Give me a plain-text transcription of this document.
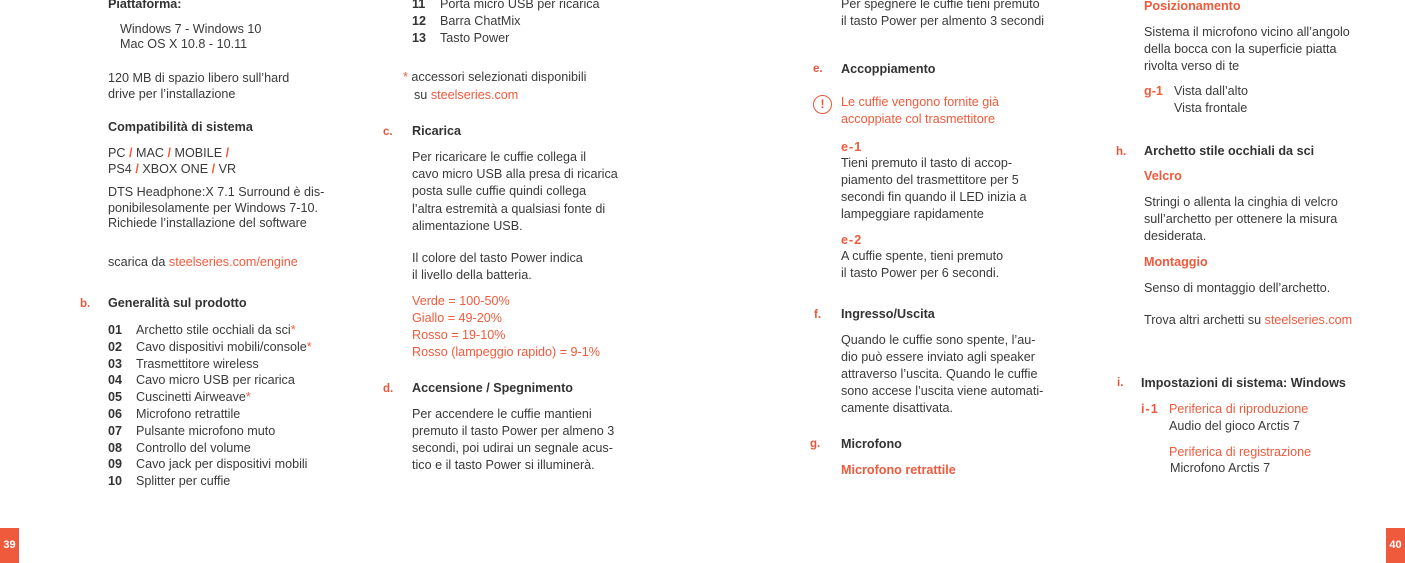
Piattaforma:
Windows 7 - Windows 10
Mac OS X 10.8 - 10.11
120 MB di spazio libero sull’hard
drive per l’installazione
Compatibilità di sistema
PC / MAC / MOBILE /
PS4 / XBOX ONE / VR
DTS Headphone:X 7.1 Surround è dis-
ponibilesolamente per Windows 7-10.
Richiede l’installazione del software
scarica da steelseries.com/engine
b. Generalità sul prodotto
01 Archetto stile occhiali da sci*
02 Cavo dispositivi mobili/console*
03 Trasmettitore wireless
04 Cavo micro USB per ricarica
05 Cuscinetti Airweave*
06 Microfono retrattile
07 Pulsante microfono muto
08 Controllo del volume
09 Cavo jack per dispositivi mobili
10 Splitter per cuffie
39
11 Porta micro USB per ricarica
12 Barra ChatMix
13 Tasto Power
* accessori selezionati disponibili
su steelseries.com
c. Ricarica
Per ricaricare le cuffie collega il
cavo micro USB alla presa di ricarica
posta sulle cuffie quindi collega
l’altra estremità a qualsiasi fonte di
alimentazione USB.
Il colore del tasto Power indica
il livello della batteria.
Verde = 100-50%
Giallo = 49-20%
Rosso = 19-10%
Rosso (lampeggio rapido) = 9-1%
d. Accensione / Spegnimento
Per accendere le cuffie mantieni
premuto il tasto Power per almeno 3
secondi, poi udirai un segnale acus-
tico e il tasto Power si illuminerà.
Per spegnere le cuffie tieni premuto
il tasto Power per almento 3 secondi
e. Accoppiamento
!	Le cuffie vengono fornite già
accoppiate col trasmettitore
e-1
Tieni premuto il tasto di accop-
piamento del trasmettitore per 5
secondi fin quando il LED inizia a
lampeggiare rapidamente
e-2
A cuffie spente, tieni premuto
il tasto Power per 6 secondi.
f. Ingresso/Uscita
Quando le cuffie sono spente, l’au-
dio può essere inviato agli speaker
attraverso l’uscita. Quando le cuffie
sono accese l’uscita viene automati-
camente disattivata.
g. Microfono
Microfono retrattile
Posizionamento
Sistema il microfono vicino all’angolo
della bocca con la superficie piatta
rivolta verso di te
g-1 Vista dall’alto
Vista frontale
h. Archetto stile occhiali da sci
Velcro
Stringi o allenta la cinghia di velcro
sull’archetto per ottenere la misura
desiderata.
Montaggio
Senso di montaggio dell’archetto.
Trova altri archetti su steelseries.com
i. Impostazioni di sistema: Windows
i-1 Periferica di riproduzione
Audio del gioco Arctis 7
Periferica di registrazione
Microfono Arctis 7
40
